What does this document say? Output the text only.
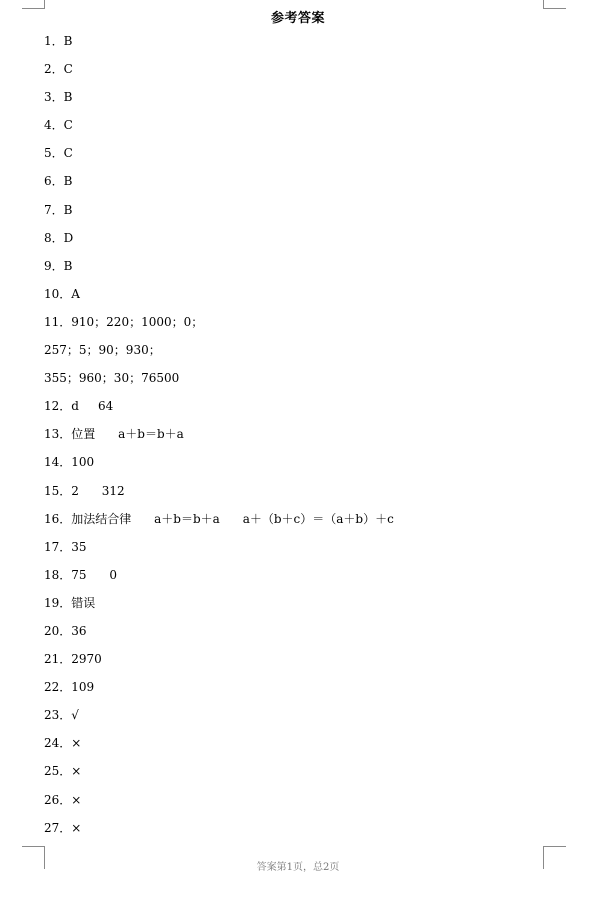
参考答案
1．B
2．C
3．B
4．C
5．C
6．B
7．B
8．D
9．B
10．A
11．910；220；1000；0；
257；5；90；930；
355；960；30；76500
12．d     64
13．位置      a＋b＝b＋a
14．100
15．2      312
16．加法结合律      a＋b＝b＋a      a＋（b＋c）＝（a＋b）＋c
17．35
18．75      0
19．错误
20．36
21．2970
22．109
23．√
24．×
25．×
26．×
27．×
答案第1页，总2页
